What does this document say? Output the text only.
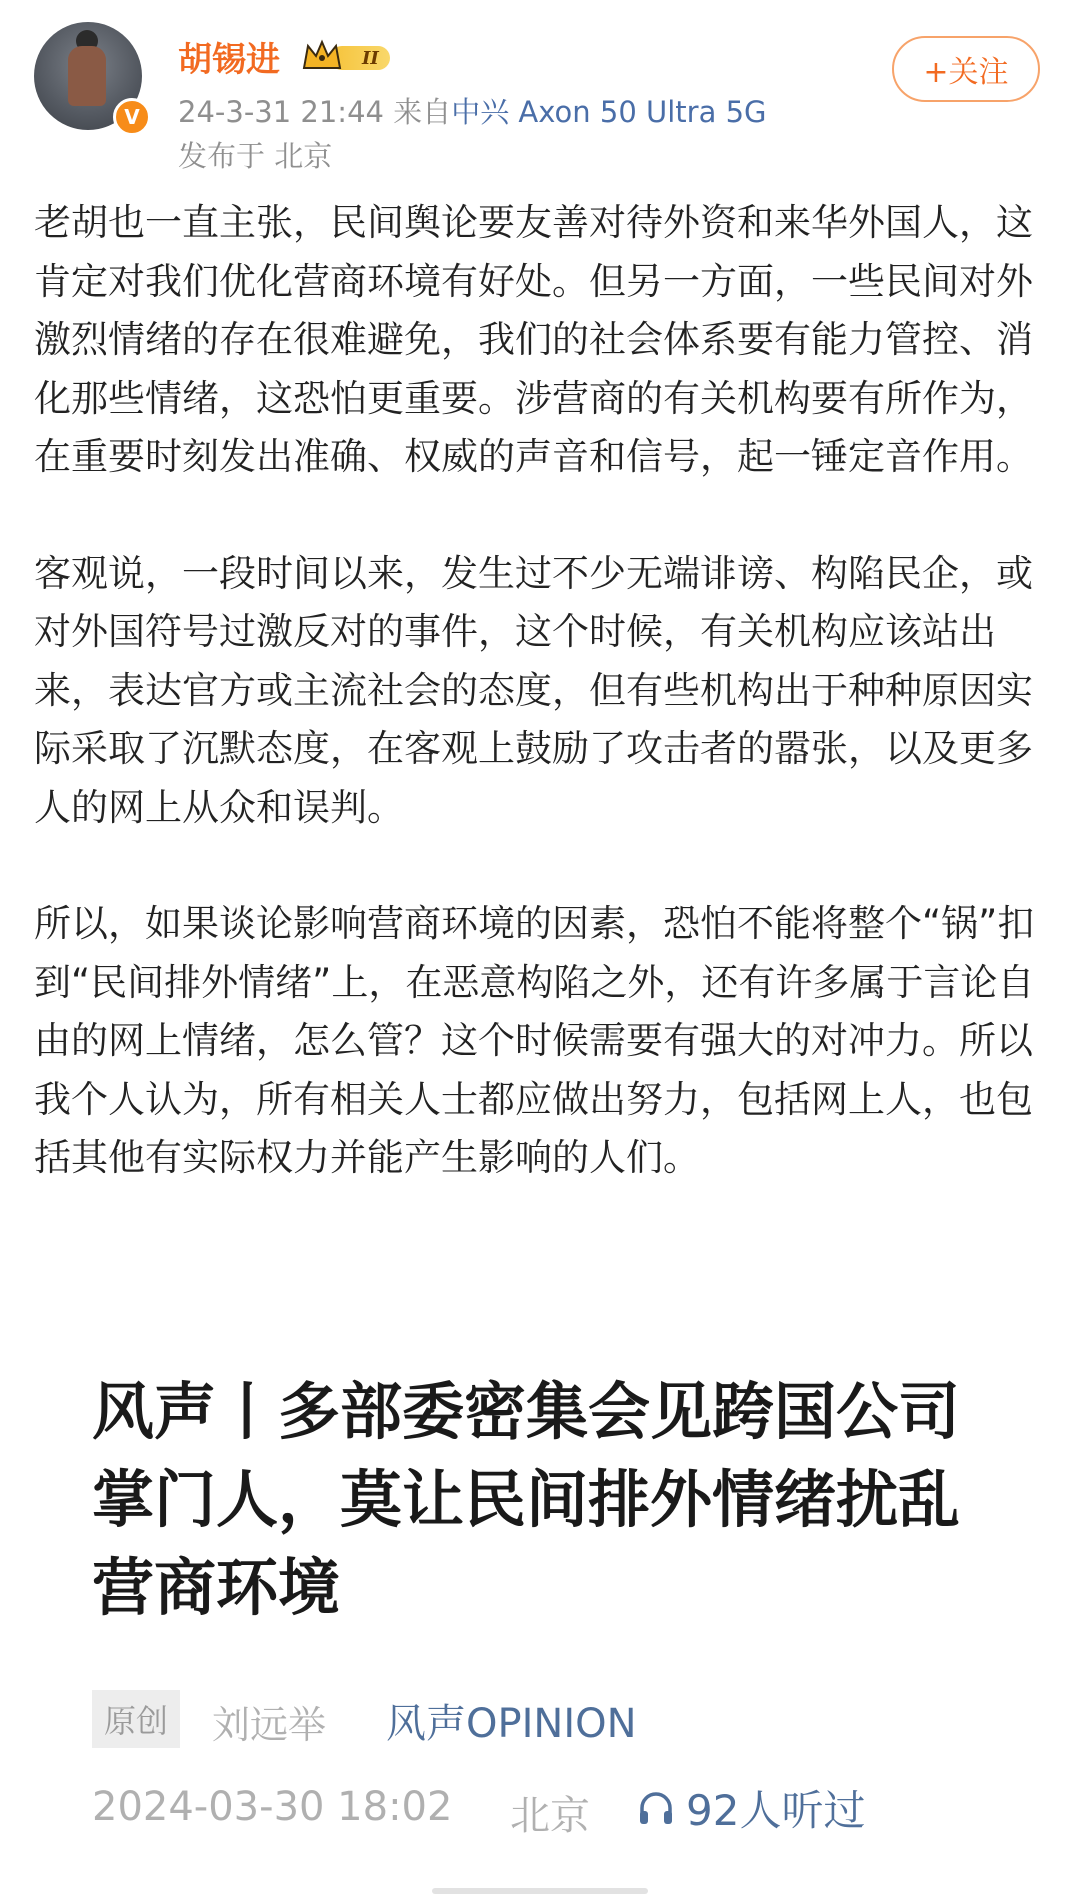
V
胡锡进	II
24-3-31 21:44 来自中兴 Axon 50 Ultra 5G
发布于 北京
+关注

老胡也一直主张，民间舆论要友善对待外资和来华外国人，这肯定对我们优化营商环境有好处。但另一方面，一些民间对外激烈情绪的存在很难避免，我们的社会体系要有能力管控、消化那些情绪，这恐怕更重要。涉营商的有关机构要有所作为，在重要时刻发出准确、权威的声音和信号，起一锤定音作用。

客观说，一段时间以来，发生过不少无端诽谤、构陷民企，或对外国符号过激反对的事件，这个时候，有关机构应该站出来，表达官方或主流社会的态度，但有些机构出于种种原因实际采取了沉默态度，在客观上鼓励了攻击者的嚣张，以及更多人的网上从众和误判。

所以，如果谈论影响营商环境的因素，恐怕不能将整个“锅”扣到“民间排外情绪”上，在恶意构陷之外，还有许多属于言论自由的网上情绪，怎么管？这个时候需要有强大的对冲力。所以我个人认为，所有相关人士都应做出努力，包括网上人，也包括其他有实际权力并能产生影响的人们。

风声丨多部委密集会见跨国公司掌门人，莫让民间排外情绪扰乱营商环境
原创	刘远举 风声OPINION
2024-03-30 18:02 北京 92人听过
